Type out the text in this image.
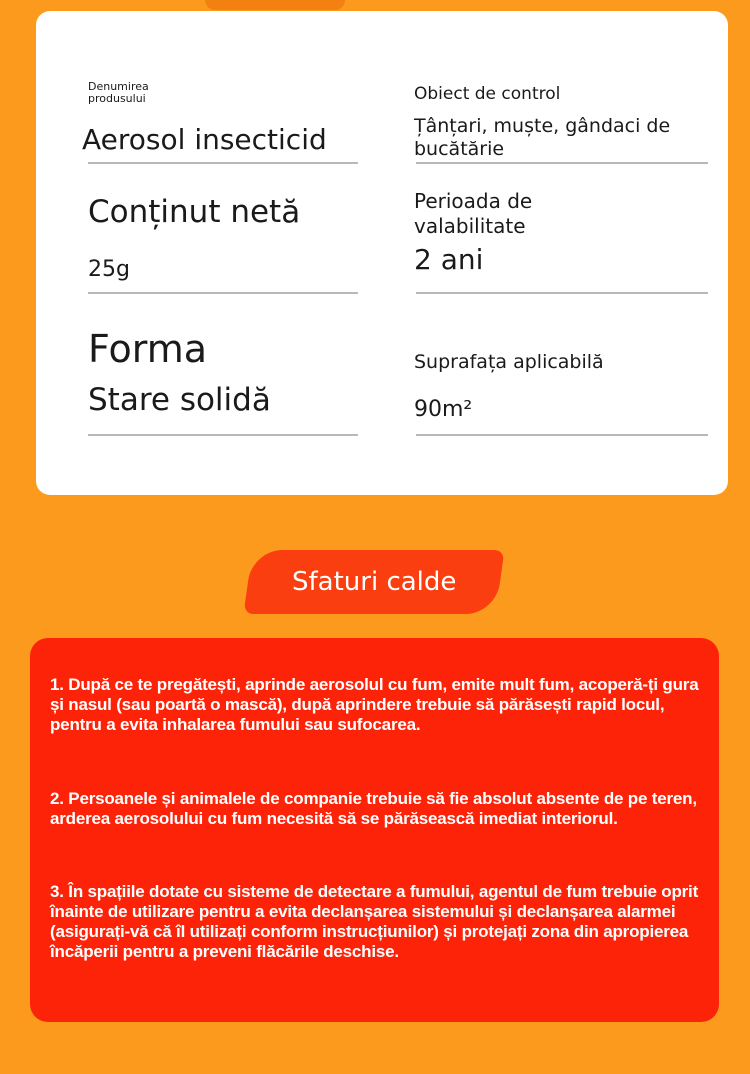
Denumirea produsului
Aerosol insecticid
Obiect de control
Țânțari, muște, gândaci de bucătărie
Conținut netă
25g
Perioada de valabilitate
2 ani
Forma
Stare solidă
Suprafața aplicabilă
90m²
Sfaturi calde
1. După ce te pregătești, aprinde aerosolul cu fum, emite mult fum, acoperă-ți gura și nasul (sau poartă o mască), după aprindere trebuie să părăsești rapid locul, pentru a evita inhalarea fumului sau sufocarea.
2. Persoanele și animalele de companie trebuie să fie absolut absente de pe teren, arderea aerosolului cu fum necesită să se părăsească imediat interiorul.
3. În spațiile dotate cu sisteme de detectare a fumului, agentul de fum trebuie oprit înainte de utilizare pentru a evita declanșarea sistemului și declanșarea alarmei (asigurați-vă că îl utilizați conform instrucțiunilor) și protejați zona din apropierea încăperii pentru a preveni flăcările deschise.
